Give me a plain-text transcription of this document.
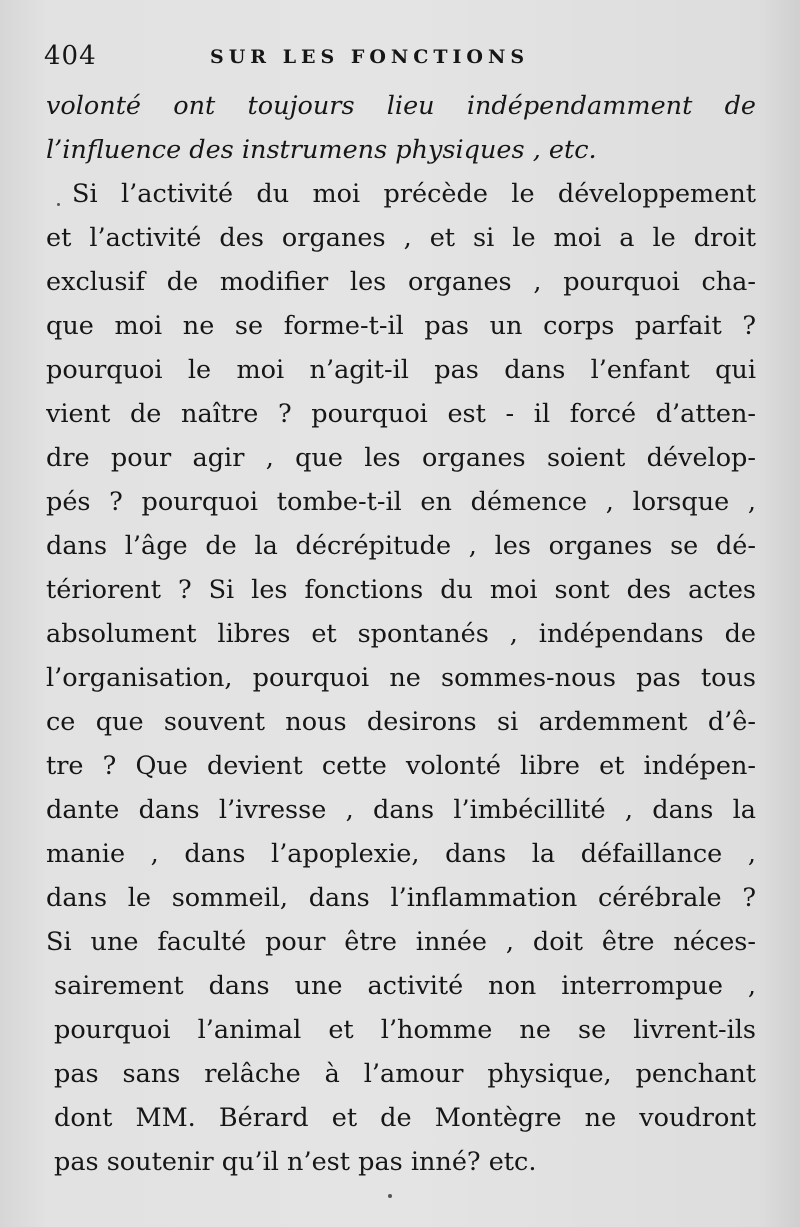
404	SUR LES FONCTIONS
volonté ont toujours lieu indépendamment de
l’influence des instrumens physiques , etc.
Si l’activité du moi précède le développement
et l’activité des organes , et si le moi a le droit
exclusif de modifier les organes , pourquoi cha-
que moi ne se forme-t-il pas un corps parfait ?
pourquoi le moi n’agit-il pas dans l’enfant qui
vient de naître ? pourquoi est - il forcé d’atten-
dre pour agir , que les organes soient dévelop-
pés ? pourquoi tombe-t-il en démence , lorsque ,
dans l’âge de la décrépitude , les organes se dé-
tériorent ? Si les fonctions du moi sont des actes
absolument libres et spontanés , indépendans de
l’organisation, pourquoi ne sommes-nous pas tous
ce que souvent nous desirons si ardemment d’ê-
tre ? Que devient cette volonté libre et indépen-
dante dans l’ivresse , dans l’imbécillité , dans la
manie , dans l’apoplexie, dans la défaillance ,
dans le sommeil, dans l’inflammation cérébrale ?
Si une faculté pour être innée , doit être néces-
sairement dans une activité non interrompue ,
pourquoi l’animal et l’homme ne se livrent-ils
pas sans relâche à l’amour physique, penchant
dont MM. Bérard et de Montègre ne voudront
pas soutenir qu’il n’est pas inné? etc.
